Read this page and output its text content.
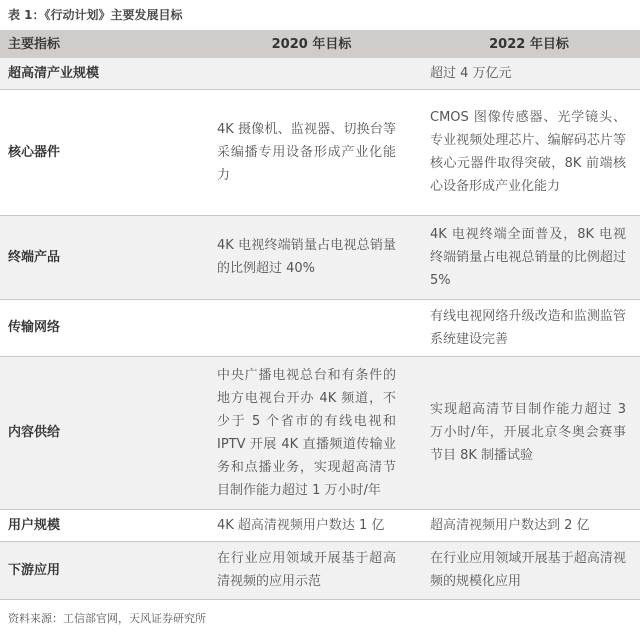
表 1：《行动计划》主要发展目标
主要指标	2020 年目标	2022 年目标
超高清产业规模		超过 4 万亿元
核心器件	4K 摄像机、监视器、切换台等采编播专用设备形成产业化能力	CMOS 图像传感器、光学镜头、专业视频处理芯片、编解码芯片等核心元器件取得突破，8K 前端核心设备形成产业化能力
终端产品	4K 电视终端销量占电视总销量的比例超过 40%	4K 电视终端全面普及，8K 电视终端销量占电视总销量的比例超过 5%
传输网络		有线电视网络升级改造和监测监管系统建设完善
内容供给	中央广播电视总台和有条件的地方电视台开办 4K 频道，不少于 5 个省市的有线电视和 IPTV 开展 4K 直播频道传输业务和点播业务，实现超高清节目制作能力超过 1 万小时/年	实现超高清节目制作能力超过 3 万小时/年，开展北京冬奥会赛事节目 8K 制播试验
用户规模	4K 超高清视频用户数达 1 亿	超高清视频用户数达到 2 亿
下游应用	在行业应用领域开展基于超高清视频的应用示范	在行业应用领域开展基于超高清视频的规模化应用
资料来源：工信部官网，天风证券研究所
